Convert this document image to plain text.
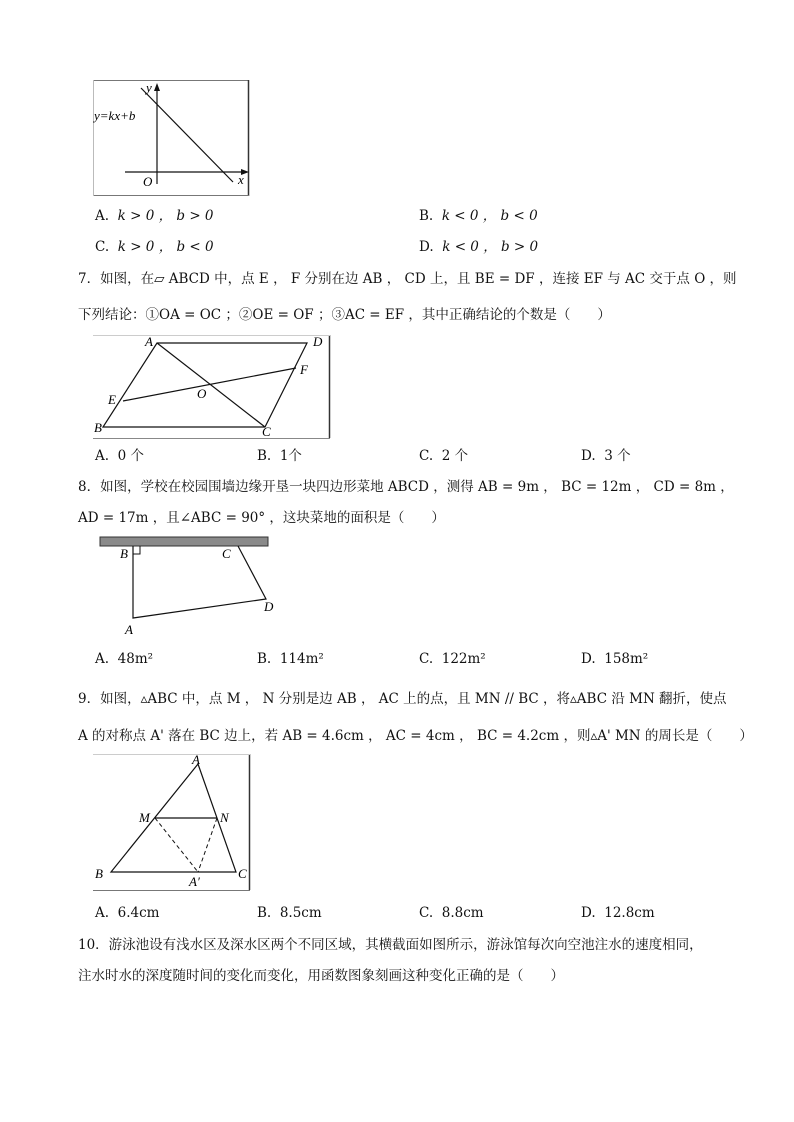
y
x
O
y=kx+b
A. k > 0 ， b > 0	B. k < 0 ， b < 0
C. k > 0 ， b < 0	D. k < 0 ， b > 0
7．如图，在▱ ABCD 中，点 E ， F 分别在边 AB ， CD 上，且 BE = DF ，连接 EF 与 AC 交于点 O ，则
下列结论：①OA = OC ；②OE = OF ；③AC = EF ，其中正确结论的个数是（　　）
A	D
F
E	O
B	C
A. 0 个	B. 1个	C. 2 个	D. 3 个
8．如图，学校在校园围墙边缘开垦一块四边形菜地 ABCD ，测得 AB = 9m ， BC = 12m ， CD = 8m ，
AD = 17m ，且∠ABC = 90° ，这块菜地的面积是（　　）
B	C
D
A
A. 48m²	B. 114m²	C. 122m²	D. 158m²
9．如图，▵ABC 中，点 M ， N 分别是边 AB ， AC 上的点，且 MN // BC ，将▵ABC 沿 MN 翻折，使点
A 的对称点 A' 落在 BC 边上，若 AB = 4.6cm ， AC = 4cm ， BC = 4.2cm ，则▵A' MN 的周长是（　　）
A
M	N
B	C
A′
A. 6.4cm	B. 8.5cm	C. 8.8cm	D. 12.8cm
10．游泳池设有浅水区及深水区两个不同区域，其横截面如图所示，游泳馆每次向空池注水的速度相同，
注水时水的深度随时间的变化而变化，用函数图象刻画这种变化正确的是（　　）
